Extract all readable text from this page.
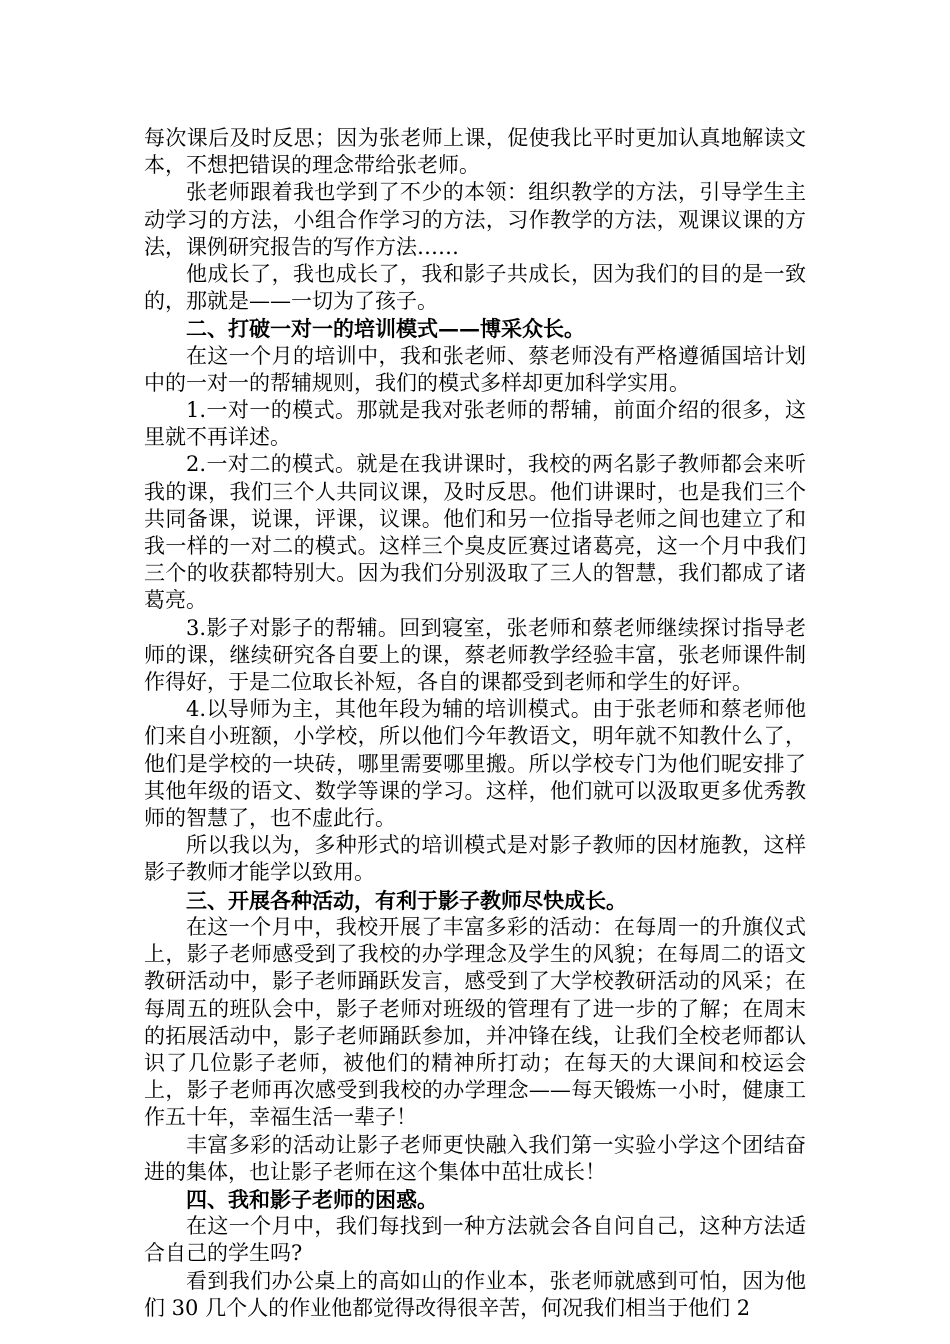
每次课后及时反思；因为张老师上课，促使我比平时更加认真地解读文本，不想把错误的理念带给张老师。

张老师跟着我也学到了不少的本领：组织教学的方法，引导学生主动学习的方法，小组合作学习的方法，习作教学的方法，观课议课的方法，课例研究报告的写作方法……

他成长了，我也成长了，我和影子共成长，因为我们的目的是一致的，那就是——一切为了孩子。

二、打破一对一的培训模式——博采众长。

在这一个月的培训中，我和张老师、蔡老师没有严格遵循国培计划中的一对一的帮辅规则，我们的模式多样却更加科学实用。

1.一对一的模式。那就是我对张老师的帮辅，前面介绍的很多，这里就不再详述。

2.一对二的模式。就是在我讲课时，我校的两名影子教师都会来听我的课，我们三个人共同议课，及时反思。他们讲课时，也是我们三个共同备课，说课，评课，议课。他们和另一位指导老师之间也建立了和我一样的一对二的模式。这样三个臭皮匠赛过诸葛亮，这一个月中我们三个的收获都特别大。因为我们分别汲取了三人的智慧，我们都成了诸葛亮。

3.影子对影子的帮辅。回到寝室，张老师和蔡老师继续探讨指导老师的课，继续研究各自要上的课，蔡老师教学经验丰富，张老师课件制作得好，于是二位取长补短，各自的课都受到老师和学生的好评。

4.以导师为主，其他年段为辅的培训模式。由于张老师和蔡老师他们来自小班额，小学校，所以他们今年教语文，明年就不知教什么了，他们是学校的一块砖，哪里需要哪里搬。所以学校专门为他们昵安排了其他年级的语文、数学等课的学习。这样，他们就可以汲取更多优秀教师的智慧了，也不虚此行。

所以我以为，多种形式的培训模式是对影子教师的因材施教，这样影子教师才能学以致用。

三、开展各种活动，有利于影子教师尽快成长。

在这一个月中，我校开展了丰富多彩的活动：在每周一的升旗仪式上，影子老师感受到了我校的办学理念及学生的风貌；在每周二的语文教研活动中，影子老师踊跃发言，感受到了大学校教研活动的风采；在每周五的班队会中，影子老师对班级的管理有了进一步的了解；在周末的拓展活动中，影子老师踊跃参加，并冲锋在线，让我们全校老师都认识了几位影子老师，被他们的精神所打动；在每天的大课间和校运会上，影子老师再次感受到我校的办学理念——每天锻炼一小时，健康工作五十年，幸福生活一辈子！

丰富多彩的活动让影子老师更快融入我们第一实验小学这个团结奋进的集体，也让影子老师在这个集体中茁壮成长！

四、我和影子老师的困惑。

在这一个月中，我们每找到一种方法就会各自问自己，这种方法适合自己的学生吗?

看到我们办公桌上的高如山的作业本，张老师就感到可怕，因为他们 30 几个人的作业他都觉得改得很辛苦，何况我们相当于他们 2
